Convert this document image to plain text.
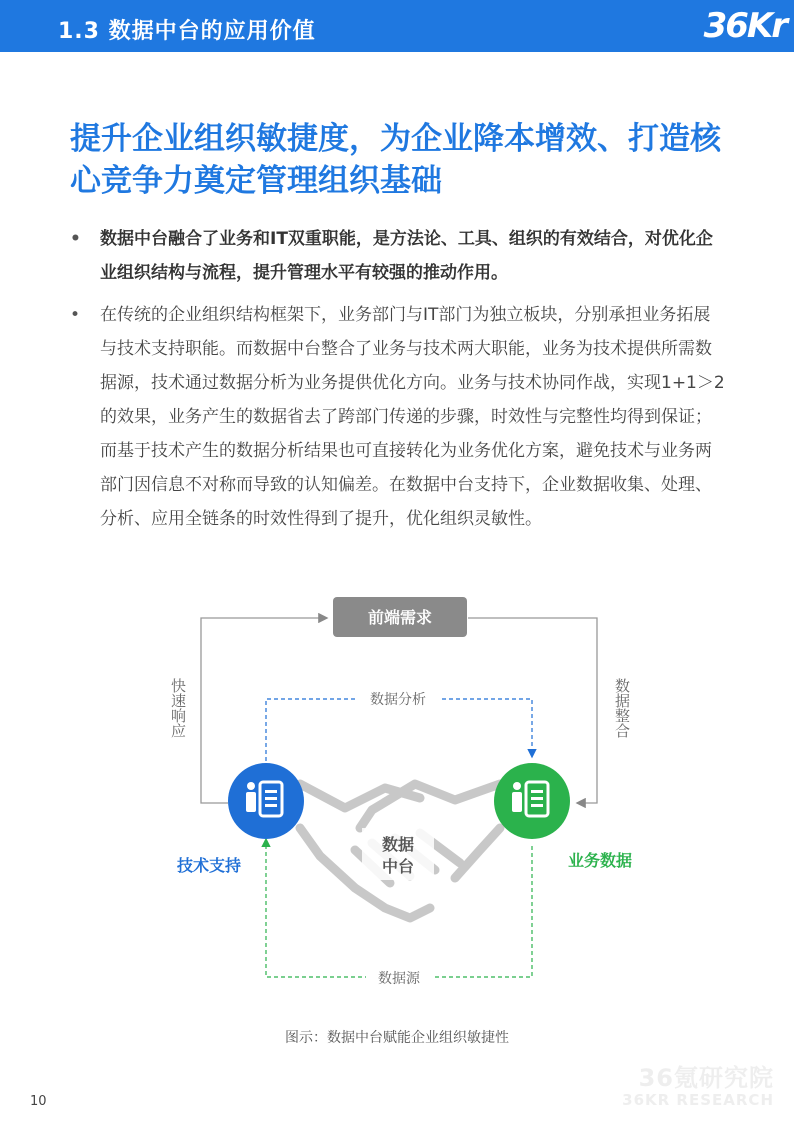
1.3 数据中台的应用价值	36Kr
提升企业组织敏捷度，为企业降本增效、打造核心竞争力奠定管理组织基础
• 数据中台融合了业务和IT双重职能，是方法论、工具、组织的有效结合，对优化企业组织结构与流程，提升管理水平有较强的推动作用。
• 在传统的企业组织结构框架下，业务部门与IT部门为独立板块，分别承担业务拓展与技术支持职能。而数据中台整合了业务与技术两大职能，业务为技术提供所需数据源，技术通过数据分析为业务提供优化方向。业务与技术协同作战，实现1+1＞2的效果，业务产生的数据省去了跨部门传递的步骤，时效性与完整性均得到保证；而基于技术产生的数据分析结果也可直接转化为业务优化方案，避免技术与业务两部门因信息不对称而导致的认知偏差。在数据中台支持下，企业数据收集、处理、分析、应用全链条的时效性得到了提升，优化组织灵敏性。
前端需求
快速响应	数据整合
数据分析
数据源
数据
中台
技术支持	业务数据
图示：数据中台赋能企业组织敏捷性
36氪研究院
36KR RESEARCH
10
